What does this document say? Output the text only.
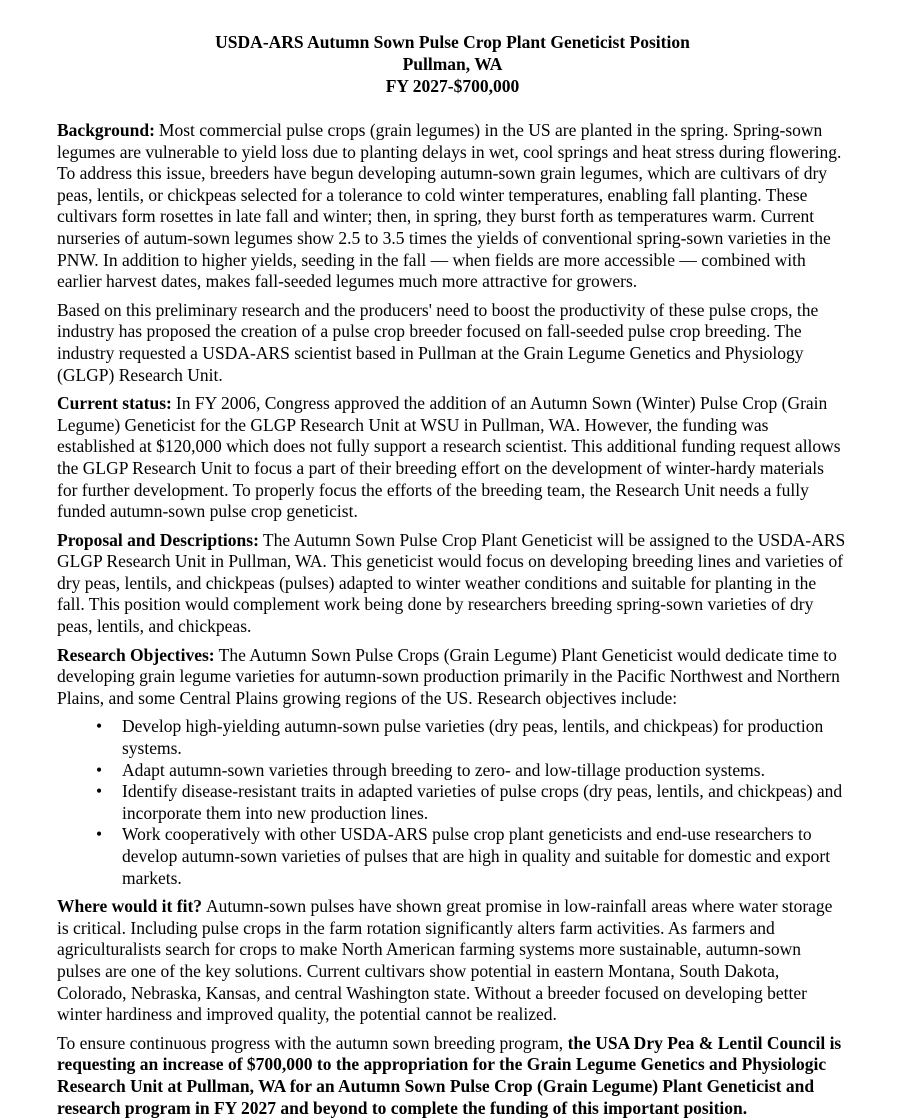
USDA-ARS Autumn Sown Pulse Crop Plant Geneticist Position
Pullman, WA
FY 2027-$700,000

Background: Most commercial pulse crops (grain legumes) in the US are planted in the spring. Spring-sown legumes are vulnerable to yield loss due to planting delays in wet, cool springs and heat stress during flowering. To address this issue, breeders have begun developing autumn-sown grain legumes, which are cultivars of dry peas, lentils, or chickpeas selected for a tolerance to cold winter temperatures, enabling fall planting. These cultivars form rosettes in late fall and winter; then, in spring, they burst forth as temperatures warm. Current nurseries of autum-sown legumes show 2.5 to 3.5 times the yields of conventional spring-sown varieties in the PNW. In addition to higher yields, seeding in the fall — when fields are more accessible — combined with earlier harvest dates, makes fall-seeded legumes much more attractive for growers.

Based on this preliminary research and the producers' need to boost the productivity of these pulse crops, the industry has proposed the creation of a pulse crop breeder focused on fall-seeded pulse crop breeding. The industry requested a USDA-ARS scientist based in Pullman at the Grain Legume Genetics and Physiology (GLGP) Research Unit.

Current status: In FY 2006, Congress approved the addition of an Autumn Sown (Winter) Pulse Crop (Grain Legume) Geneticist for the GLGP Research Unit at WSU in Pullman, WA. However, the funding was established at $120,000 which does not fully support a research scientist. This additional funding request allows the GLGP Research Unit to focus a part of their breeding effort on the development of winter-hardy materials for further development. To properly focus the efforts of the breeding team, the Research Unit needs a fully funded autumn-sown pulse crop geneticist.

Proposal and Descriptions: The Autumn Sown Pulse Crop Plant Geneticist will be assigned to the USDA-ARS GLGP Research Unit in Pullman, WA. This geneticist would focus on developing breeding lines and varieties of dry peas, lentils, and chickpeas (pulses) adapted to winter weather conditions and suitable for planting in the fall. This position would complement work being done by researchers breeding spring-sown varieties of dry peas, lentils, and chickpeas.

Research Objectives: The Autumn Sown Pulse Crops (Grain Legume) Plant Geneticist would dedicate time to developing grain legume varieties for autumn-sown production primarily in the Pacific Northwest and Northern Plains, and some Central Plains growing regions of the US. Research objectives include:

• Develop high-yielding autumn-sown pulse varieties (dry peas, lentils, and chickpeas) for production systems.
• Adapt autumn-sown varieties through breeding to zero- and low-tillage production systems.
• Identify disease-resistant traits in adapted varieties of pulse crops (dry peas, lentils, and chickpeas) and incorporate them into new production lines.
• Work cooperatively with other USDA-ARS pulse crop plant geneticists and end-use researchers to develop autumn-sown varieties of pulses that are high in quality and suitable for domestic and export markets.

Where would it fit? Autumn-sown pulses have shown great promise in low-rainfall areas where water storage is critical. Including pulse crops in the farm rotation significantly alters farm activities. As farmers and agriculturalists search for crops to make North American farming systems more sustainable, autumn-sown pulses are one of the key solutions. Current cultivars show potential in eastern Montana, South Dakota, Colorado, Nebraska, Kansas, and central Washington state. Without a breeder focused on developing better winter hardiness and improved quality, the potential cannot be realized.

To ensure continuous progress with the autumn sown breeding program, the USA Dry Pea & Lentil Council is requesting an increase of $700,000 to the appropriation for the Grain Legume Genetics and Physiologic Research Unit at Pullman, WA for an Autumn Sown Pulse Crop (Grain Legume) Plant Geneticist and research program in FY 2027 and beyond to complete the funding of this important position.
